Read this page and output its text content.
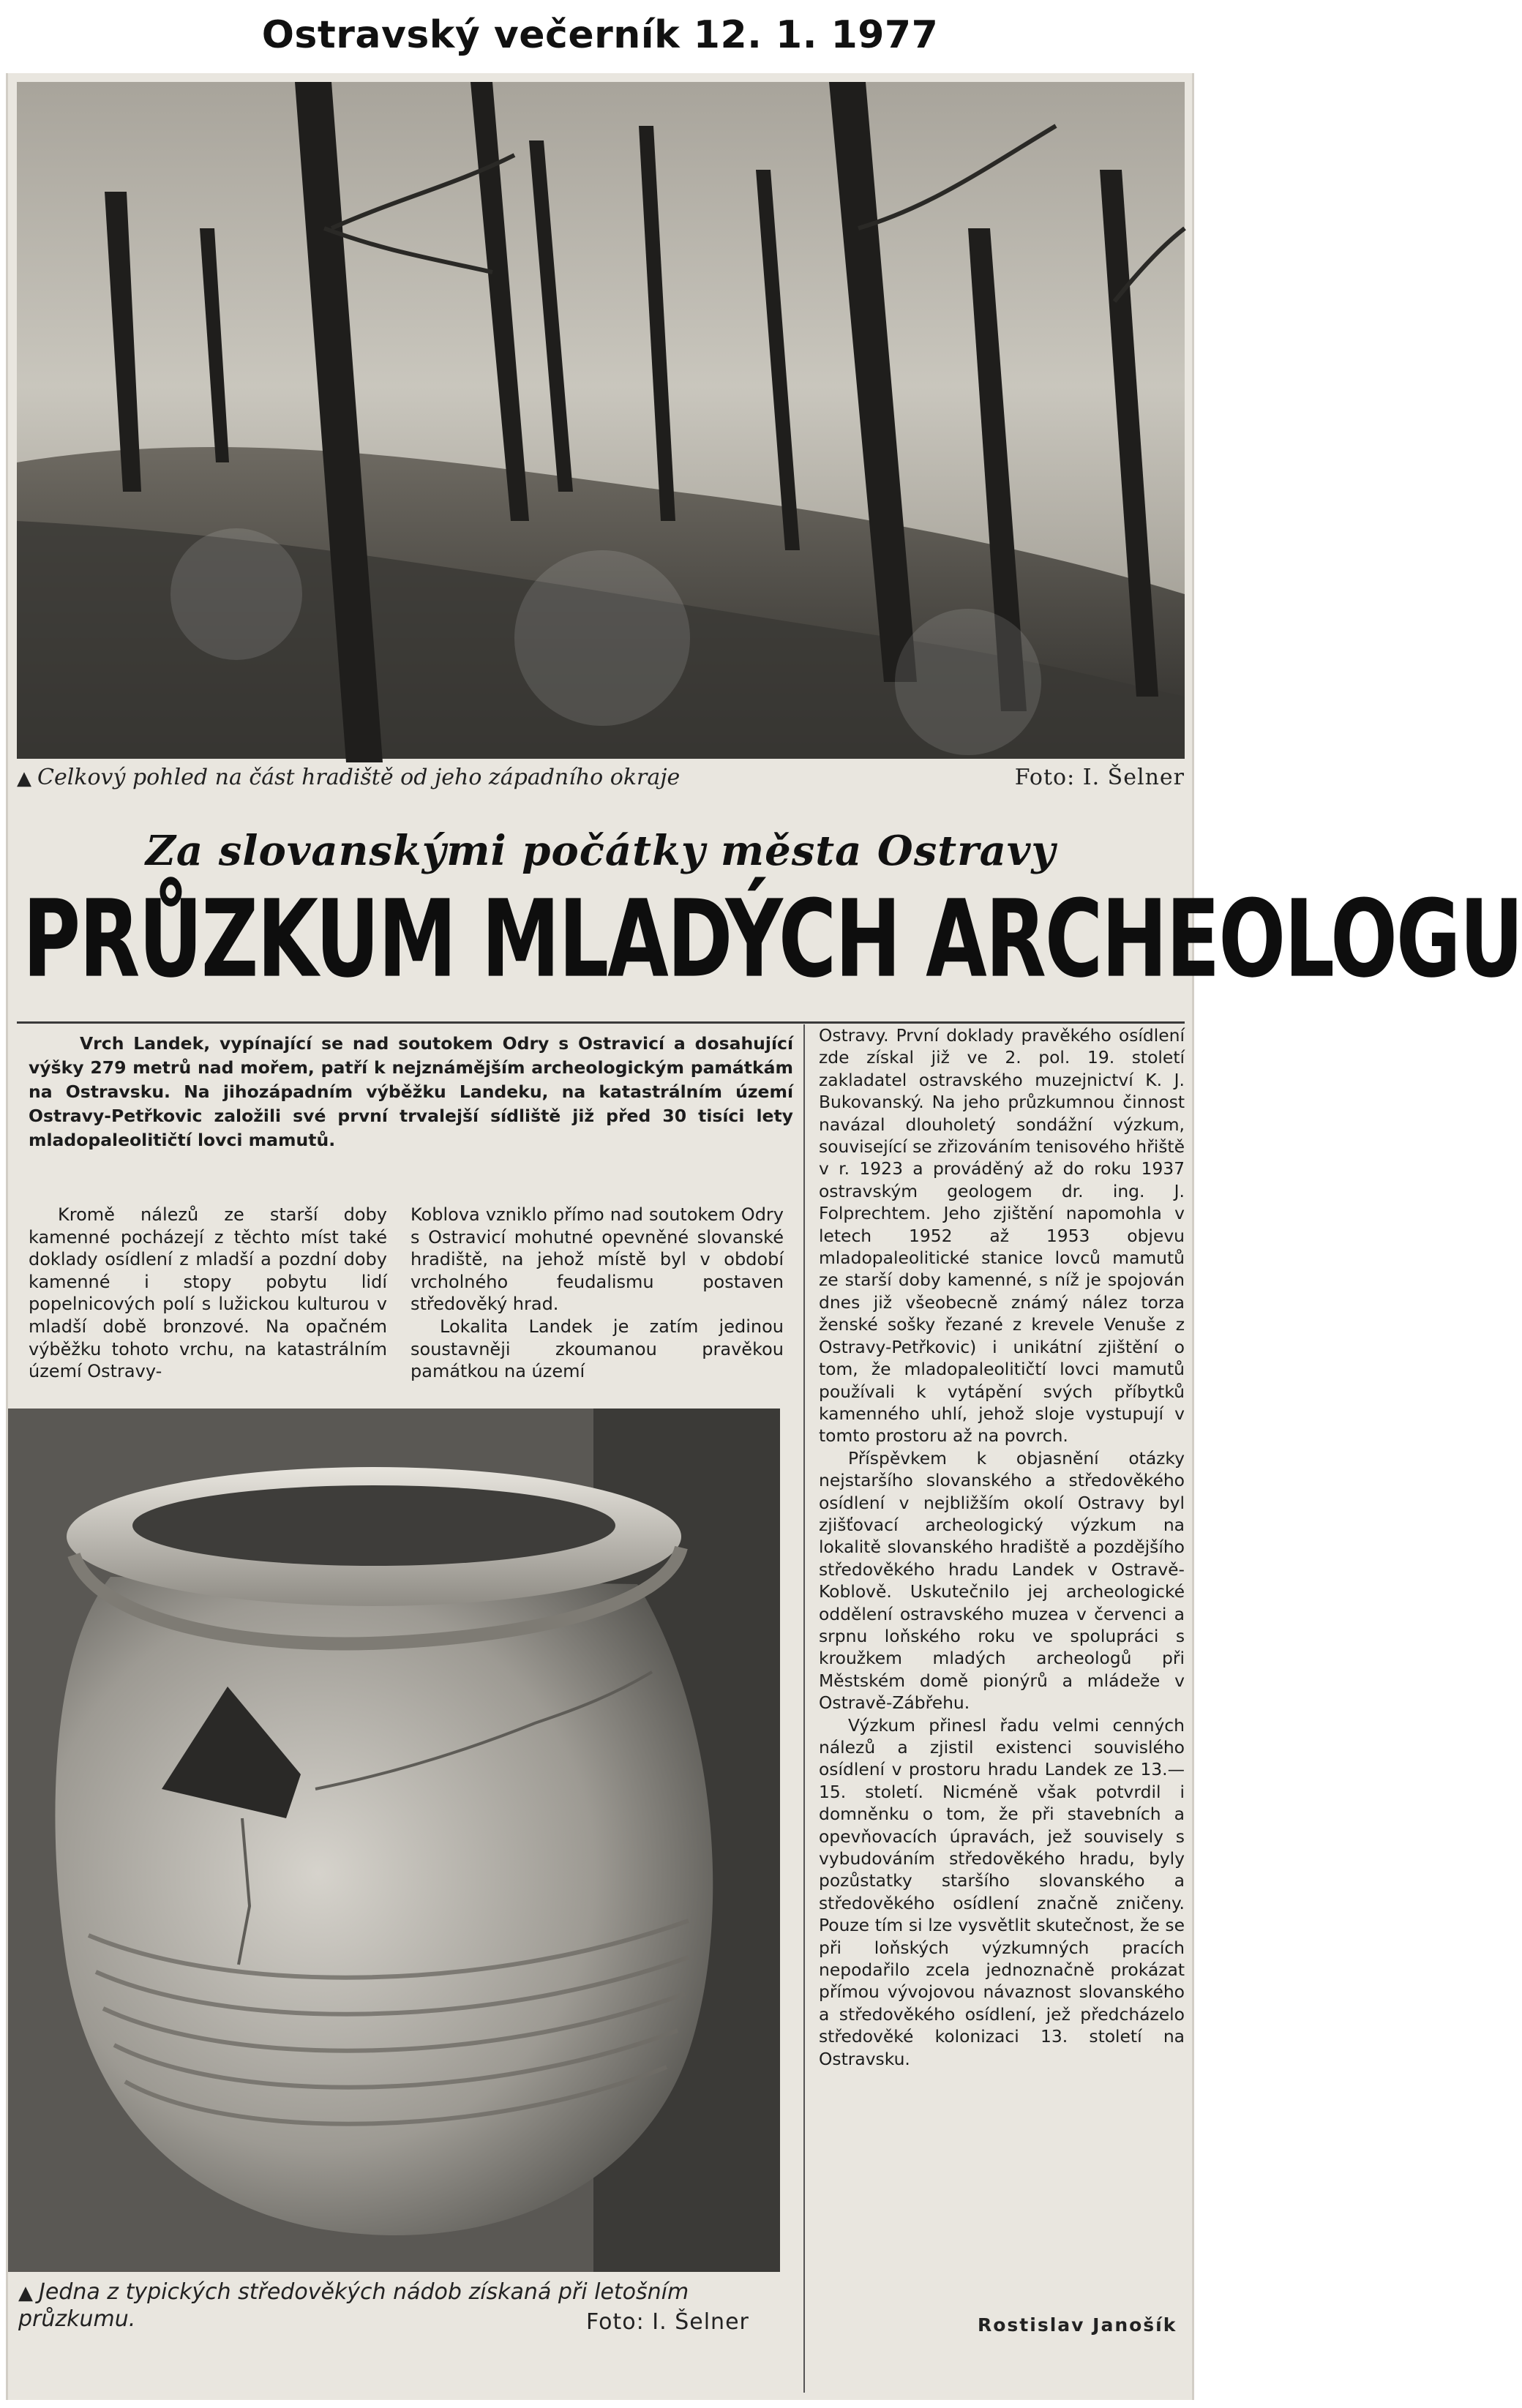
Ostravský večerník 12. 1. 1977
▲ Celkový pohled na část hradiště od jeho západního okraje	Foto: I. Šelner
Za slovanskými počátky města Ostravy
PRŮZKUM MLADÝCH ARCHEOLOGU
Vrch Landek, vypínající se nad soutokem Odry s Ostravicí a dosahující výšky 279 metrů nad mořem, patří k nejznámějším archeologickým památkám na Ostravsku. Na jihozápadním výběžku Landeku, na katastrálním území Ostravy-Petřkovic založili své první trvalejší sídliště již před 30 tisíci lety mladopaleolitičtí lovci mamutů.

Kromě nálezů ze starší doby kamenné pocházejí z těchto míst také doklady osídlení z mladší a pozdní doby kamenné i stopy pobytu lidí popelnicových polí s lužickou kulturou v mladší době bronzové. Na opačném výběžku tohoto vrchu, na katastrálním území Ostravy-

Koblova vzniklo přímo nad soutokem Odry s Ostravicí mohutné opevněné slovanské hradiště, na jehož místě byl v období vrcholného feudalismu postaven středověký hrad.

Lokalita Landek je zatím jedinou soustavněji zkoumanou pravěkou památkou na území

Ostravy. První doklady pravěkého osídlení zde získal již ve 2. pol. 19. století zakladatel ostravského muzejnictví K. J. Bukovanský. Na jeho průzkumnou činnost navázal dlouholetý sondážní výzkum, související se zřizováním tenisového hřiště v r. 1923 a prováděný až do roku 1937 ostravským geologem dr. ing. J. Folprechtem. Jeho zjištění napomohla v letech 1952 až 1953 objevu mladopaleolitické stanice lovců mamutů ze starší doby kamenné, s níž je spojován dnes již všeobecně známý nález torza ženské sošky řezané z krevele Venuše z Ostravy-Petřkovic) i unikátní zjištění o tom, že mladopaleolitičtí lovci mamutů používali k vytápění svých příbytků kamenného uhlí, jehož sloje vystupují v tomto prostoru až na povrch.

Příspěvkem k objasnění otázky nejstaršího slovanského a středověkého osídlení v nejbližším okolí Ostravy byl zjišťovací archeologický výzkum na lokalitě slovanského hradiště a pozdějšího středověkého hradu Landek v Ostravě-Koblově. Uskutečnilo jej archeologické oddělení ostravského muzea v červenci a srpnu loňského roku ve spolupráci s kroužkem mladých archeologů při Městském domě pionýrů a mládeže v Ostravě-Zábřehu.

Výzkum přinesl řadu velmi cenných nálezů a zjistil existenci souvislého osídlení v prostoru hradu Landek ze 13.—15. století. Nicméně však potvrdil i domněnku o tom, že při stavebních a opevňovacích úpravách, jež souvisely s vybudováním středověkého hradu, byly pozůstatky staršího slovanského a středověkého osídlení značně zničeny. Pouze tím si lze vysvětlit skutečnost, že se při loňských výzkumných pracích nepodařilo zcela jednoznačně prokázat přímou vývojovou návaznost slovanského a středověkého osídlení, jež předcházelo středověké kolonizaci 13. století na Ostravsku.

▲ Jedna z typických středověkých nádob získaná při letošním průzkumu.	Foto: I. Šelner	Rostislav Janošík
